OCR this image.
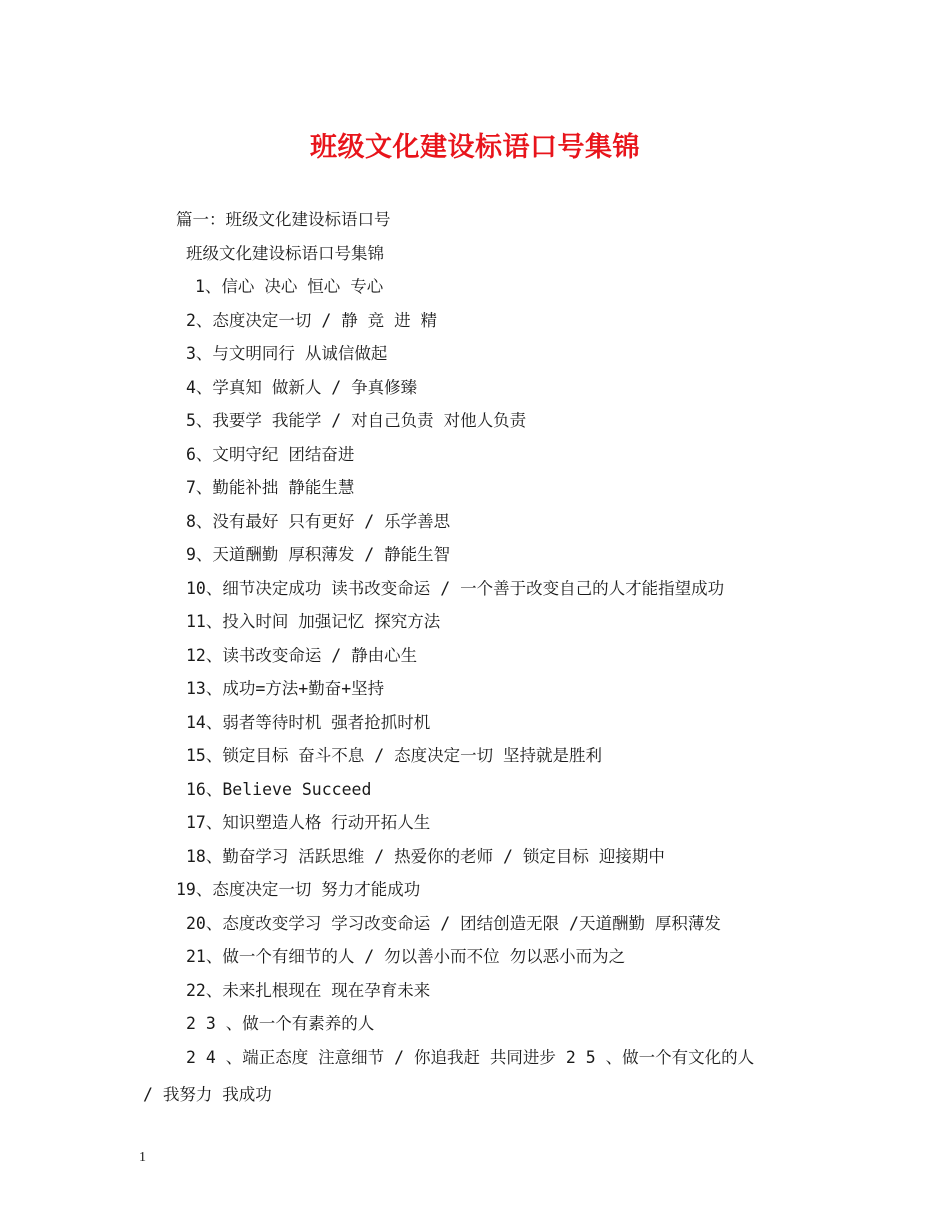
班级文化建设标语口号集锦
篇一：班级文化建设标语口号
班级文化建设标语口号集锦
1、信心 决心 恒心 专心
2、态度决定一切 / 静 竞 进 精
3、与文明同行 从诚信做起
4、学真知 做新人 / 争真修臻
5、我要学 我能学 / 对自己负责 对他人负责
6、文明守纪 团结奋进
7、勤能补拙 静能生慧
8、没有最好 只有更好 / 乐学善思
9、天道酬勤 厚积薄发 / 静能生智
10、细节决定成功 读书改变命运 / 一个善于改变自己的人才能指望成功
11、投入时间 加强记忆 探究方法
12、读书改变命运 / 静由心生
13、成功=方法+勤奋+坚持
14、弱者等待时机 强者抢抓时机
15、锁定目标 奋斗不息 / 态度决定一切 坚持就是胜利
16、Believe Succeed
17、知识塑造人格 行动开拓人生
18、勤奋学习 活跃思维 / 热爱你的老师 / 锁定目标 迎接期中
19、态度决定一切 努力才能成功
20、态度改变学习 学习改变命运 / 团结创造无限 /天道酬勤 厚积薄发
21、做一个有细节的人 / 勿以善小而不位 勿以恶小而为之
22、未来扎根现在 现在孕育未来
2 3 、做一个有素养的人
2 4 、端正态度 注意细节 / 你追我赶 共同进步 2 5 、做一个有文化的人
/ 我努力 我成功
1
